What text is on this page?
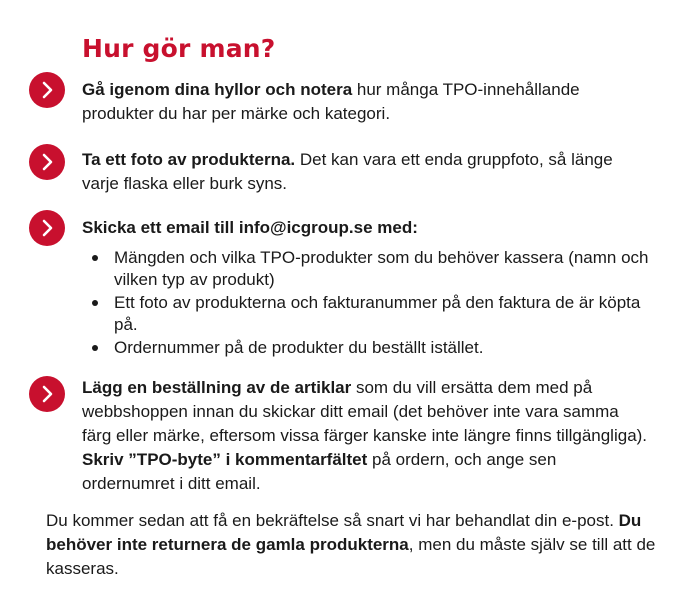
Hur gör man?

Gå igenom dina hyllor och notera hur många TPO-innehållande produkter du har per märke och kategori.

Ta ett foto av produkterna. Det kan vara ett enda gruppfoto, så länge varje flaska eller burk syns.

Skicka ett email till info@icgroup.se med:

Mängden och vilka TPO-produkter som du behöver kassera (namn och vilken typ av produkt)
Ett foto av produkterna och fakturanummer på den faktura de är köpta på.
Ordernummer på de produkter du beställt istället.

Lägg en beställning av de artiklar som du vill ersätta dem med på webbshoppen innan du skickar ditt email (det behöver inte vara samma färg eller märke, eftersom vissa färger kanske inte längre finns tillgängliga). Skriv ”TPO-byte” i kommentarfältet på ordern, och ange sen ordernumret i ditt email.

Du kommer sedan att få en bekräftelse så snart vi har behandlat din e-post. Du behöver inte returnera de gamla produkterna, men du måste själv se till att de kasseras.
